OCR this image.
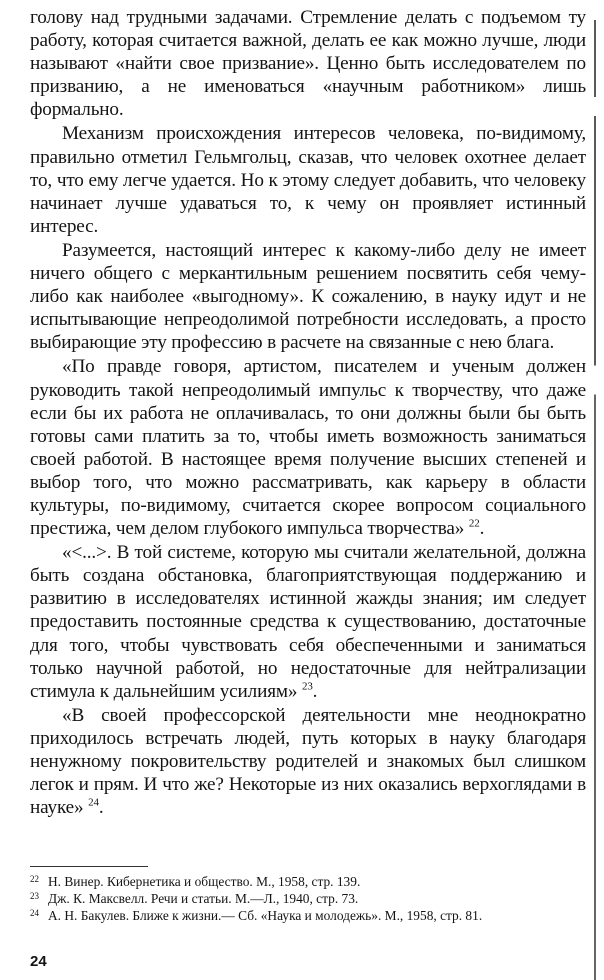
голову над трудными задачами. Стремление делать с подъемом ту работу, которая считается важной, делать ее как можно лучше, люди называют «найти свое призвание». Ценно быть исследователем по призванию, а не именоваться «научным работником» лишь формально.

Механизм происхождения интересов человека, по-видимому, правильно отметил Гельмгольц, сказав, что человек охотнее делает то, что ему легче удается. Но к этому следует добавить, что человеку начинает лучше удаваться то, к чему он проявляет истинный интерес.

Разумеется, настоящий интерес к какому-либо делу не имеет ничего общего с меркантильным решением посвятить себя чему-либо как наиболее «выгодному». К сожалению, в науку идут и не испытывающие непреодолимой потребности исследовать, а просто выбирающие эту профессию в расчете на связанные с нею блага.

«По правде говоря, артистом, писателем и ученым должен руководить такой непреодолимый импульс к творчеству, что даже если бы их работа не оплачивалась, то они должны были бы быть готовы сами платить за то, чтобы иметь возможность заниматься своей работой. В настоящее время получение высших степеней и выбор того, что можно рассматривать, как карьеру в области культуры, по-видимому, считается скорее вопросом социального престижа, чем делом глубокого импульса творчества» $^{22}$.

«<...>. В той системе, которую мы считали желательной, должна быть создана обстановка, благоприятствующая поддержанию и развитию в исследователях истинной жажды знания; им следует предоставить постоянные средства к существованию, достаточные для того, чтобы чувствовать себя обеспеченными и заниматься только научной работой, но недостаточные для нейтрализации стимула к дальнейшим усилиям» $^{23}$.

«В своей профессорской деятельности мне неоднократно приходилось встречать людей, путь которых в науку благодаря ненужному покровительству родителей и знакомых был слишком легок и прям. И что же? Некоторые из них оказались верхоглядами в науке» $^{24}$.

22 Н. Винер. Кибернетика и общество. М., 1958, стр. 139.

23 Дж. К. Максвелл. Речи и статьи. М.—Л., 1940, стр. 73.

24 А. Н. Бакулев. Ближе к жизни.— Сб. «Наука и молодежь». М., 1958, стр. 81.

24
